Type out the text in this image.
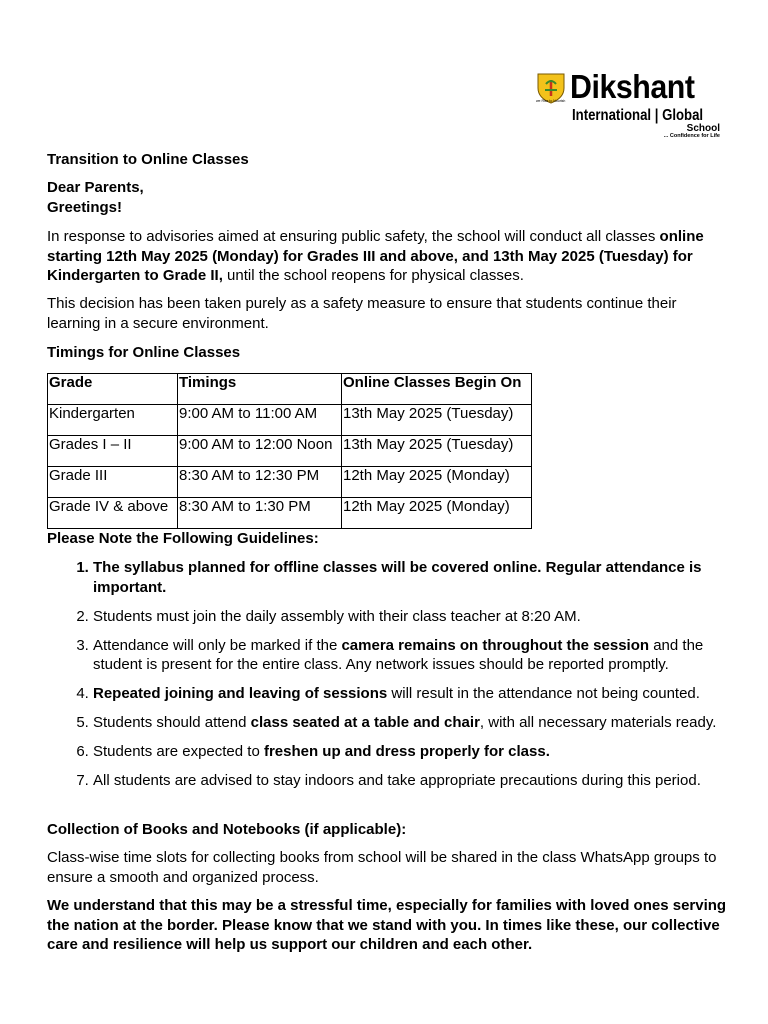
we Rise to Nourish Dikshant
International | Global
School
... Confidence for Life

Transition to Online Classes

Dear Parents,

Greetings!

In response to advisories aimed at ensuring public safety, the school will conduct all classes online starting 12th May 2025 (Monday) for Grades III and above, and 13th May 2025 (Tuesday) for Kindergarten to Grade II, until the school reopens for physical classes.

This decision has been taken purely as a safety measure to ensure that students continue their learning in a secure environment.

Timings for Online Classes

Grade	Timings	Online Classes Begin On
Kindergarten	9:00 AM to 11:00 AM	13th May 2025 (Tuesday)
Grades I – II	9:00 AM to 12:00 Noon	13th May 2025 (Tuesday)
Grade III	8:30 AM to 12:30 PM	12th May 2025 (Monday)
Grade IV & above	8:30 AM to 1:30 PM	12th May 2025 (Monday)

Please Note the Following Guidelines:

1. The syllabus planned for offline classes will be covered online. Regular attendance is important.
2. Students must join the daily assembly with their class teacher at 8:20 AM.
3. Attendance will only be marked if the camera remains on throughout the session and the student is present for the entire class. Any network issues should be reported promptly.
4. Repeated joining and leaving of sessions will result in the attendance not being counted.
5. Students should attend class seated at a table and chair, with all necessary materials ready.
6. Students are expected to freshen up and dress properly for class.
7. All students are advised to stay indoors and take appropriate precautions during this period.

Collection of Books and Notebooks (if applicable):

Class-wise time slots for collecting books from school will be shared in the class WhatsApp groups to ensure a smooth and organized process.

We understand that this may be a stressful time, especially for families with loved ones serving the nation at the border. Please know that we stand with you. In times like these, our collective care and resilience will help us support our children and each other.
